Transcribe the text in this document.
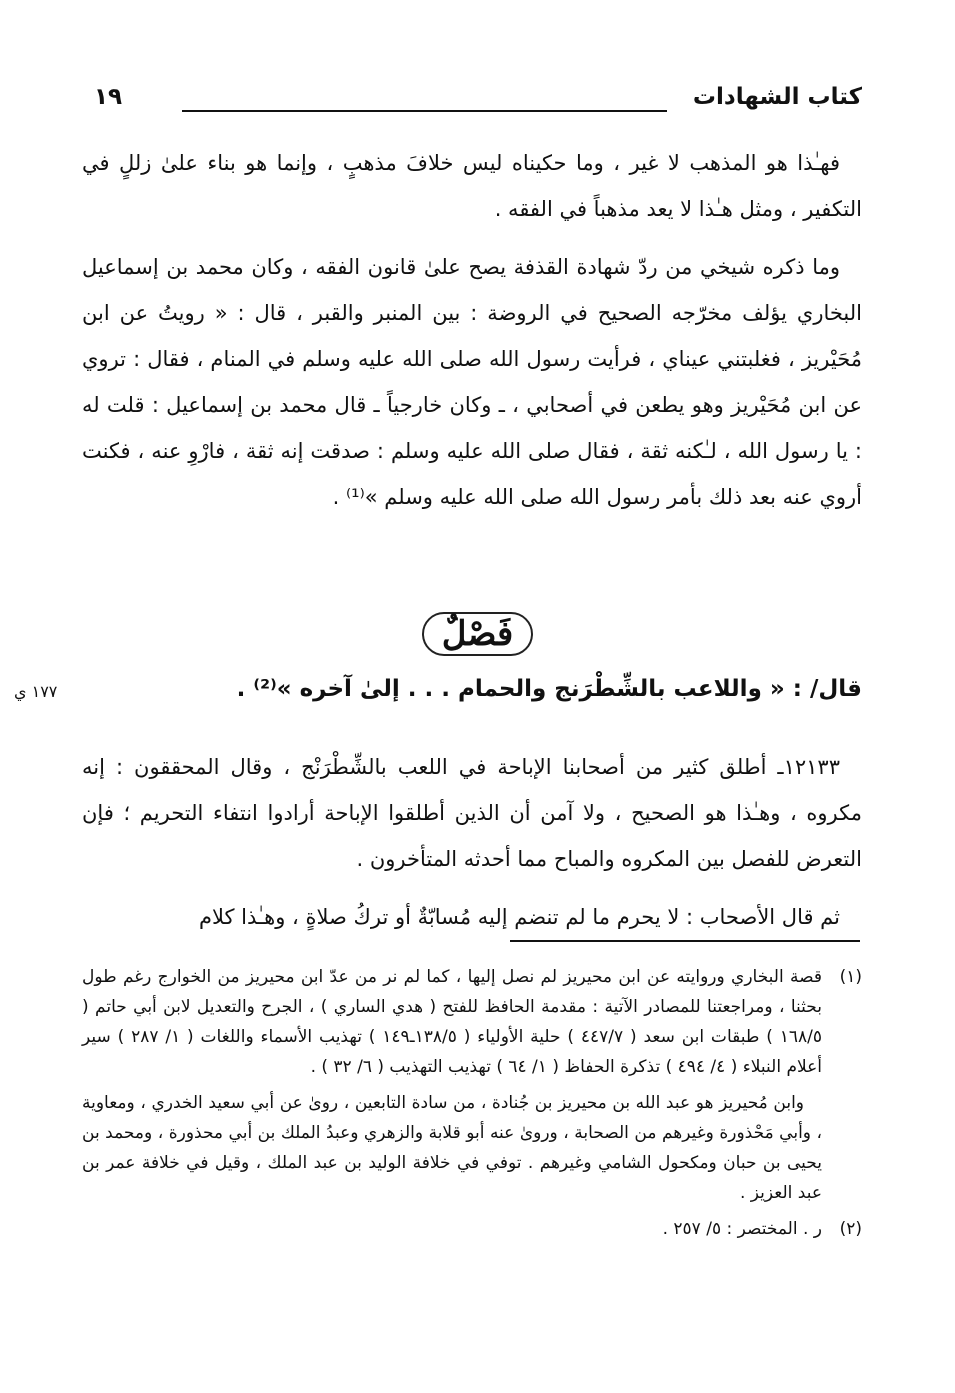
كتاب الشهادات
١٩

فهـٰذا هو المذهب لا غير ، وما حكيناه ليس خلافَ مذهبٍ ، وإنما هو بناء علىٰ زللٍ في التكفير ، ومثل هـٰذا لا يعد مذهباً في الفقه .

وما ذكره شيخي من ردّ شهادة القذفة يصح علىٰ قانون الفقه ، وكان محمد بن إسماعيل البخاري يؤلف مخرّجه الصحيح في الروضة : بين المنبر والقبر ، قال : « رويتُ عن ابن مُحَيْريز ، فغلبتني عيناي ، فرأيت رسول الله صلى الله عليه وسلم في المنام ، فقال : تروي عن ابن مُحَيْريز وهو يطعن في أصحابي ، ـ وكان خارجياً ـ قال محمد بن إسماعيل : قلت له : يا رسول الله ، لـٰكنه ثقة ، فقال صلى الله عليه وسلم : صدقت إنه ثقة ، فارْوِ عنه ، فكنت أروي عنه بعد ذلك بأمر رسول الله صلى الله عليه وسلم »⁽¹⁾ .

فَصْلٌ
قال/ : « واللاعب بالشِّطْرَنج والحمام . . . إلىٰ آخره »⁽²⁾ .
١٧٧ ي

١٢١٣٣ـ أطلق كثير من أصحابنا الإباحة في اللعب بالشِّطْرَنْج ، وقال المحققون : إنه مكروه ، وهـٰذا هو الصحيح ، ولا آمن أن الذين أطلقوا الإباحة أرادوا انتفاء التحريم ؛ فإن التعرض للفصل بين المكروه والمباح مما أحدثه المتأخرون .

ثم قال الأصحاب : لا يحرم ما لم تنضم إليه مُسابّةٌ أو تركُ صلاةٍ ، وهـٰذا كلام

(١)
قصة البخاري وروايته عن ابن محيريز لم نصل إليها ، كما لم نر من عدّ ابن محيريز من الخوارج رغم طول بحثنا ، ومراجعتنا للمصادر الآتية : مقدمة الحافظ للفتح ( هدي الساري ) ، الجرح والتعديل لابن أبي حاتم ( ١٦٨/٥ ) طبقات ابن سعد ( ٤٤٧/٧ ) حلية الأولياء ( ١٣٨/٥ـ١٤٩ ) تهذيب الأسماء واللغات ( ١/ ٢٨٧ ) سير أعلام النبلاء ( ٤/ ٤٩٤ ) تذكرة الحفاظ ( ١/ ٦٤ ) تهذيب التهذيب ( ٦/ ٣٢ ) .

وابن مُحيريز هو عبد الله بن محيريز بن جُنادة ، من سادة التابعين ، روىٰ عن أبي سعيد الخدري ، ومعاوية ، وأبي مَحْذورة وغيرهم من الصحابة ، وروىٰ عنه أبو قلابة والزهري وعبدُ الملك بن أبي محذورة ، ومحمد بن يحيى بن حبان ومكحول الشامي وغيرهم . توفي في خلافة الوليد بن عبد الملك ، وقيل في خلافة عمر بن عبد العزيز .

(٢)
ر . المختصر : ٥/ ٢٥٧ .
